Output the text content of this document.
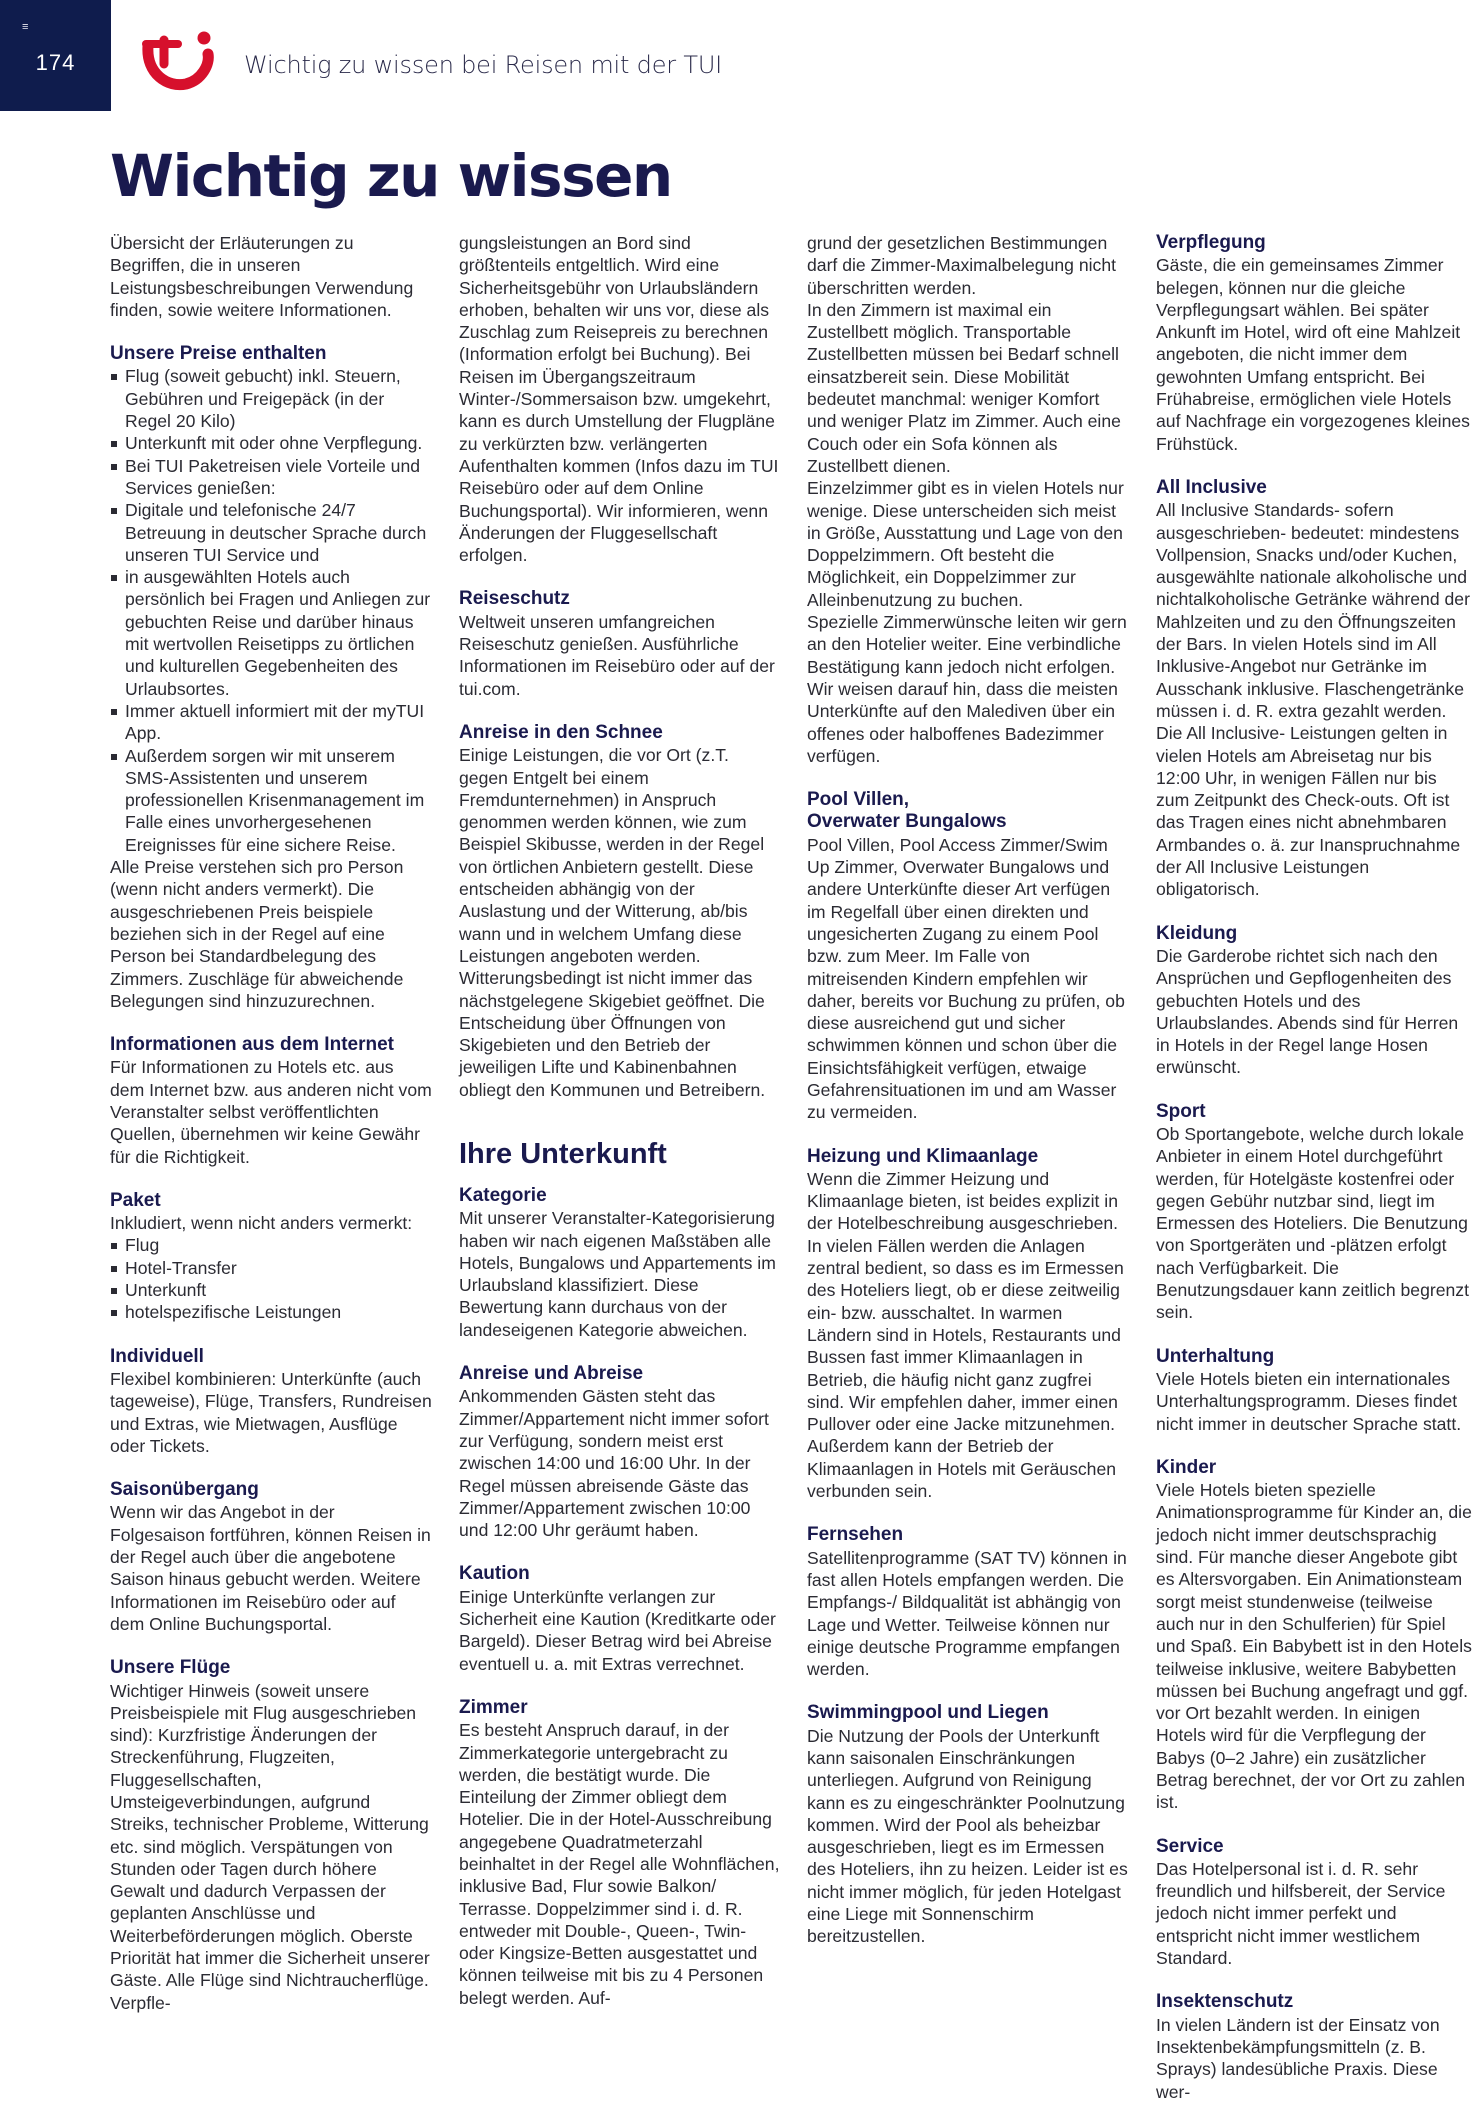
≡
174	Wichtig zu wissen bei Reisen mit der TUI
Wichtig zu wissen

Übersicht der Erläuterungen zu Begriffen, die in unseren Leistungsbeschreibungen Verwendung finden, sowie weitere Informationen.

Unsere Preise enthalten
Flug (soweit gebucht) inkl. Steuern, Gebühren und Freigepäck (in der Regel 20 Kilo)
Unterkunft mit oder ohne Verpflegung.
Bei TUI Paketreisen viele Vorteile und Services genießen:
Digitale und telefonische 24/7 Betreuung in deutscher Sprache durch unseren TUI Service und
in ausgewählten Hotels auch persönlich bei Fragen und Anliegen zur gebuchten Reise und darüber hinaus mit wertvollen Reisetipps zu örtlichen und kulturellen Gegebenheiten des Urlaubsortes.
Immer aktuell informiert mit der myTUI App.
Außerdem sorgen wir mit unserem SMS-Assistenten und unserem professionellen Krisenmanagement im Falle eines unvorhergesehenen Ereignisses für eine sichere Reise.

Alle Preise verstehen sich pro Person (wenn nicht anders vermerkt). Die ausgeschriebenen Preis beispiele beziehen sich in der Regel auf eine Person bei Standardbelegung des Zimmers. Zuschläge für abweichende Belegungen sind hinzuzurechnen.

Informationen aus dem Internet

Für Informationen zu Hotels etc. aus dem Internet bzw. aus anderen nicht vom Veranstalter selbst veröffentlichten Quellen, übernehmen wir keine Gewähr für die Richtigkeit.

Paket

Inkludiert, wenn nicht anders vermerkt:

Flug
Hotel-Transfer
Unterkunft
hotelspezifische Leistungen
Individuell

Flexibel kombinieren: Unterkünfte (auch tageweise), Flüge, Transfers, Rundreisen und Extras, wie Mietwagen, Ausflüge oder Tickets.

Saisonübergang

Wenn wir das Angebot in der Folgesaison fortführen, können Reisen in der Regel auch über die angebotene Saison hinaus gebucht werden. Weitere Informationen im Reisebüro oder auf dem Online Buchungsportal.

Unsere Flüge

Wichtiger Hinweis (soweit unsere Preisbeispiele mit Flug ausgeschrieben sind): Kurzfristige Änderungen der Streckenführung, Flugzeiten, Fluggesellschaften, Umsteigeverbindungen, aufgrund Streiks, technischer Probleme, Witterung etc. sind möglich. Verspätungen von Stunden oder Tagen durch höhere Gewalt und dadurch Verpassen der geplanten Anschlüsse und Weiterbeförderungen möglich. Oberste Priorität hat immer die Sicherheit unserer Gäste. Alle Flüge sind Nichtraucherflüge. Verpfle-

gungsleistungen an Bord sind größtenteils entgeltlich. Wird eine Sicherheitsgebühr von Urlaubsländern erhoben, behalten wir uns vor, diese als Zuschlag zum Reisepreis zu berechnen (Information erfolgt bei Buchung). Bei Reisen im Übergangszeitraum Winter-/Sommersaison bzw. umgekehrt, kann es durch Umstellung der Flugpläne zu verkürzten bzw. verlängerten Aufenthalten kommen (Infos dazu im TUI Reisebüro oder auf dem Online Buchungsportal). Wir informieren, wenn Änderungen der Fluggesellschaft erfolgen.

Reiseschutz

Weltweit unseren umfangreichen Reiseschutz genießen. Ausführliche Informationen im Reisebüro oder auf der tui.com.

Anreise in den Schnee

Einige Leistungen, die vor Ort (z.T. gegen Entgelt bei einem Fremdunternehmen) in Anspruch genommen werden können, wie zum Beispiel Skibusse, werden in der Regel von örtlichen Anbietern gestellt. Diese entscheiden abhängig von der Auslastung und der Witterung, ab/bis wann und in welchem Umfang diese Leistungen angeboten werden. Witterungsbedingt ist nicht immer das nächstgelegene Skigebiet geöffnet. Die Entscheidung über Öffnungen von Skigebieten und den Betrieb der jeweiligen Lifte und Kabinenbahnen obliegt den Kommunen und Betreibern.

Ihre Unterkunft
Kategorie

Mit unserer Veranstalter-Kategorisierung haben wir nach eigenen Maßstäben alle Hotels, Bungalows und Appartements im Urlaubsland klassifiziert. Diese Bewertung kann durchaus von der landeseigenen Kategorie abweichen.

Anreise und Abreise

Ankommenden Gästen steht das Zimmer/Appartement nicht immer sofort zur Verfügung, sondern meist erst zwischen 14:00 und 16:00 Uhr. In der Regel müssen abreisende Gäste das Zimmer/Appartement zwischen 10:00 und 12:00 Uhr geräumt haben.

Kaution

Einige Unterkünfte verlangen zur Sicherheit eine Kaution (Kreditkarte oder Bargeld). Dieser Betrag wird bei Abreise eventuell u. a. mit Extras verrechnet.

Zimmer

Es besteht Anspruch darauf, in der Zimmerkategorie untergebracht zu werden, die bestätigt wurde. Die Einteilung der Zimmer obliegt dem Hotelier. Die in der Hotel-Ausschreibung angegebene Quadratmeterzahl beinhaltet in der Regel alle Wohnflächen, inklusive Bad, Flur sowie Balkon/ Terrasse. Doppelzimmer sind i. d. R. entweder mit Double-, Queen-, Twin- oder Kingsize-Betten ausgestattet und können teilweise mit bis zu 4 Personen belegt werden. Auf-

grund der gesetzlichen Bestimmungen darf die Zimmer-Maximalbelegung nicht überschritten werden.

In den Zimmern ist maximal ein Zustellbett möglich. Transportable Zustellbetten müssen bei Bedarf schnell einsatzbereit sein. Diese Mobilität bedeutet manchmal: weniger Komfort und weniger Platz im Zimmer. Auch eine Couch oder ein Sofa können als Zustellbett dienen.

Einzelzimmer gibt es in vielen Hotels nur wenige. Diese unterscheiden sich meist in Größe, Ausstattung und Lage von den Doppelzimmern. Oft besteht die Möglichkeit, ein Doppelzimmer zur Alleinbenutzung zu buchen.

Spezielle Zimmerwünsche leiten wir gern an den Hotelier weiter. Eine verbindliche Bestätigung kann jedoch nicht erfolgen.

Wir weisen darauf hin, dass die meisten Unterkünfte auf den Malediven über ein offenes oder halboffenes Badezimmer verfügen.

Pool Villen,
Overwater Bungalows

Pool Villen, Pool Access Zimmer/Swim Up Zimmer, Overwater Bungalows und andere Unterkünfte dieser Art verfügen im Regelfall über einen direkten und ungesicherten Zugang zu einem Pool bzw. zum Meer. Im Falle von mitreisenden Kindern empfehlen wir daher, bereits vor Buchung zu prüfen, ob diese ausreichend gut und sicher schwimmen können und schon über die Einsichtsfähigkeit verfügen, etwaige Gefahrensituationen im und am Wasser zu vermeiden.

Heizung und Klimaanlage

Wenn die Zimmer Heizung und Klimaanlage bieten, ist beides explizit in der Hotelbeschreibung ausgeschrieben. In vielen Fällen werden die Anlagen zentral bedient, so dass es im Ermessen des Hoteliers liegt, ob er diese zeitweilig ein- bzw. ausschaltet. In warmen Ländern sind in Hotels, Restaurants und Bussen fast immer Klimaanlagen in Betrieb, die häufig nicht ganz zugfrei sind. Wir empfehlen daher, immer einen Pullover oder eine Jacke mitzunehmen. Außerdem kann der Betrieb der Klimaanlagen in Hotels mit Geräuschen verbunden sein.

Fernsehen

Satellitenprogramme (SAT TV) können in fast allen Hotels empfangen werden. Die Empfangs-/ Bildqualität ist abhängig von Lage und Wetter. Teilweise können nur einige deutsche Programme empfangen werden.

Swimmingpool und Liegen

Die Nutzung der Pools der Unterkunft kann saisonalen Einschränkungen unterliegen. Aufgrund von Reinigung kann es zu eingeschränkter Poolnutzung kommen. Wird der Pool als beheizbar ausgeschrieben, liegt es im Ermessen des Hoteliers, ihn zu heizen. Leider ist es nicht immer möglich, für jeden Hotelgast eine Liege mit Sonnenschirm bereitzustellen.

Verpflegung

Gäste, die ein gemeinsames Zimmer belegen, können nur die gleiche Verpflegungsart wählen. Bei später Ankunft im Hotel, wird oft eine Mahlzeit angeboten, die nicht immer dem gewohnten Umfang entspricht. Bei Frühabreise, ermöglichen viele Hotels auf Nachfrage ein vorgezogenes kleines Frühstück.

All Inclusive

All Inclusive Standards- sofern ausgeschrieben- bedeutet: mindestens Vollpension, Snacks und/oder Kuchen, ausgewählte nationale alkoholische und nichtalkoholische Getränke während der Mahlzeiten und zu den Öffnungszeiten der Bars. In vielen Hotels sind im All Inklusive-Angebot nur Getränke im Ausschank inklusive. Flaschengetränke müssen i. d. R. extra gezahlt werden. Die All Inclusive- Leistungen gelten in vielen Hotels am Abreisetag nur bis 12:00 Uhr, in wenigen Fällen nur bis zum Zeitpunkt des Check-outs. Oft ist das Tragen eines nicht abnehmbaren Armbandes o. ä. zur Inanspruchnahme der All Inclusive Leistungen obligatorisch.

Kleidung

Die Garderobe richtet sich nach den Ansprüchen und Gepflogenheiten des gebuchten Hotels und des Urlaubslandes. Abends sind für Herren in Hotels in der Regel lange Hosen erwünscht.

Sport

Ob Sportangebote, welche durch lokale Anbieter in einem Hotel durchgeführt werden, für Hotelgäste kostenfrei oder gegen Gebühr nutzbar sind, liegt im Ermessen des Hoteliers. Die Benutzung von Sportgeräten und -plätzen erfolgt nach Verfügbarkeit. Die Benutzungsdauer kann zeitlich begrenzt sein.

Unterhaltung

Viele Hotels bieten ein internationales Unterhaltungsprogramm. Dieses findet nicht immer in deutscher Sprache statt.

Kinder

Viele Hotels bieten spezielle Animationsprogramme für Kinder an, die jedoch nicht immer deutschsprachig sind. Für manche dieser Angebote gibt es Altersvorgaben. Ein Animationsteam sorgt meist stundenweise (teilweise auch nur in den Schulferien) für Spiel und Spaß. Ein Babybett ist in den Hotels teilweise inklusive, weitere Babybetten müssen bei Buchung angefragt und ggf. vor Ort bezahlt werden. In einigen Hotels wird für die Verpflegung der Babys (0–2 Jahre) ein zusätzlicher Betrag berechnet, der vor Ort zu zahlen ist.

Service

Das Hotelpersonal ist i. d. R. sehr freundlich und hilfsbereit, der Service jedoch nicht immer perfekt und entspricht nicht immer westlichem Standard.

Insektenschutz

In vielen Ländern ist der Einsatz von Insektenbekämpfungsmitteln (z. B. Sprays) landesübliche Praxis. Diese wer-
